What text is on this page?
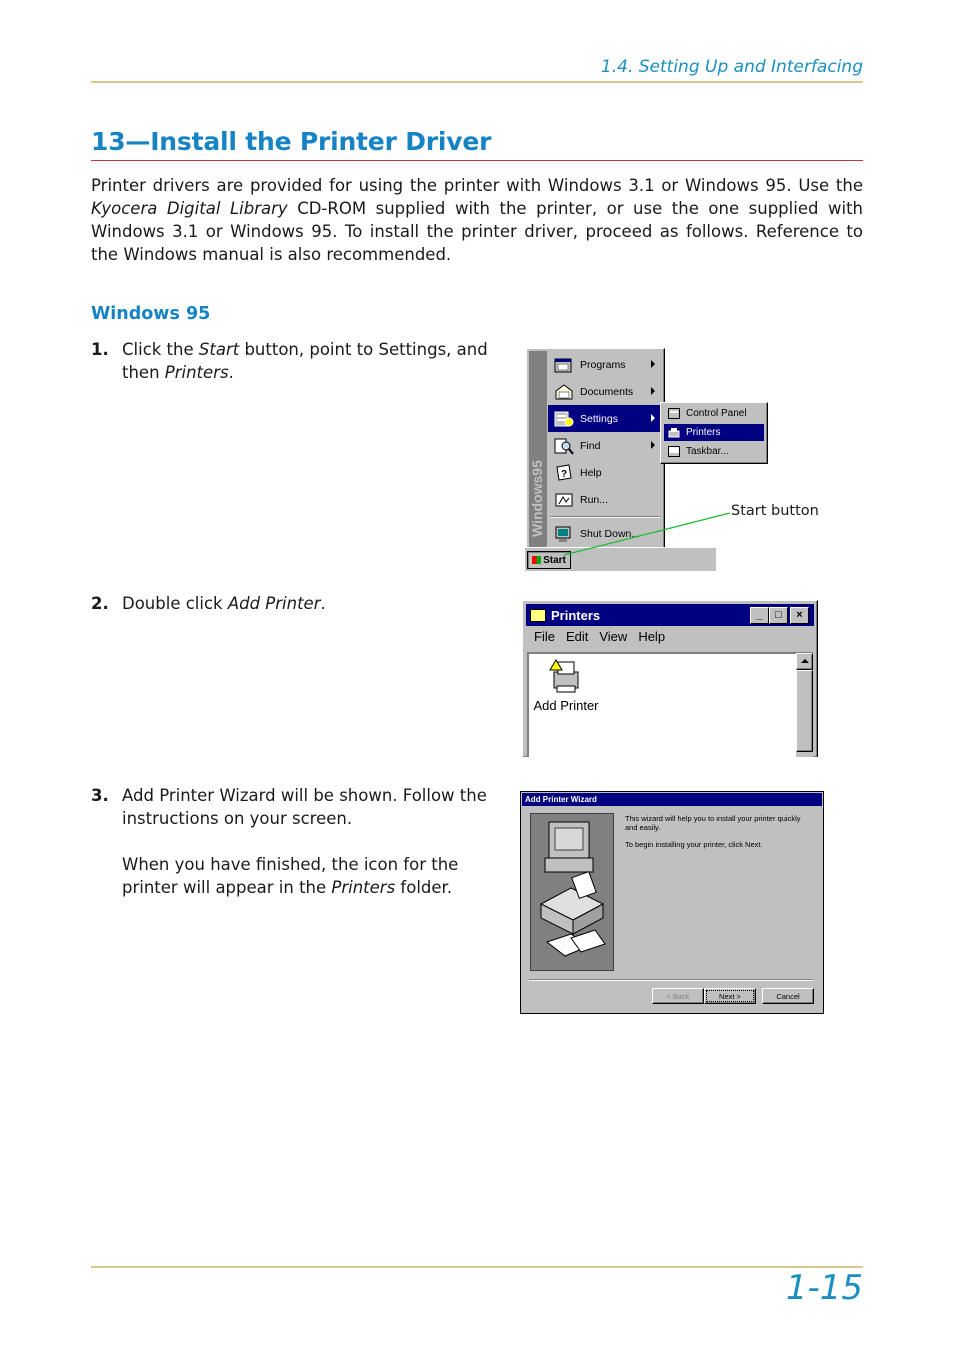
1.4. Setting Up and Interfacing
13—Install the Printer Driver
Printer drivers are provided for using the printer with Windows 3.1 or Windows 95. Use the Kyocera Digital Library CD-ROM supplied with the printer, or use the one supplied with Windows 3.1 or Windows 95. To install the printer driver, proceed as follows. Reference to the Windows manual is also recommended.
Windows 95
1. Click the Start button, point to Settings, and
then Printers.
2. Double click Add Printer.
3. Add Printer Wizard will be shown. Follow the
instructions on your screen.
When you have finished, the icon for the
printer will appear in the Printers folder.
Windows95
Programs
Documents
Settings
Find
? Help
Run...
Shut Down...
Control Panel
Printers
Taskbar...
Start
Start button
Printers	_	□	×
File Edit View Help
Add Printer
Add Printer Wizard
This wizard will help you to install your printer quickly and easily.
To begin installing your printer, click Next.
< Back	Next >	Cancel
1-15
